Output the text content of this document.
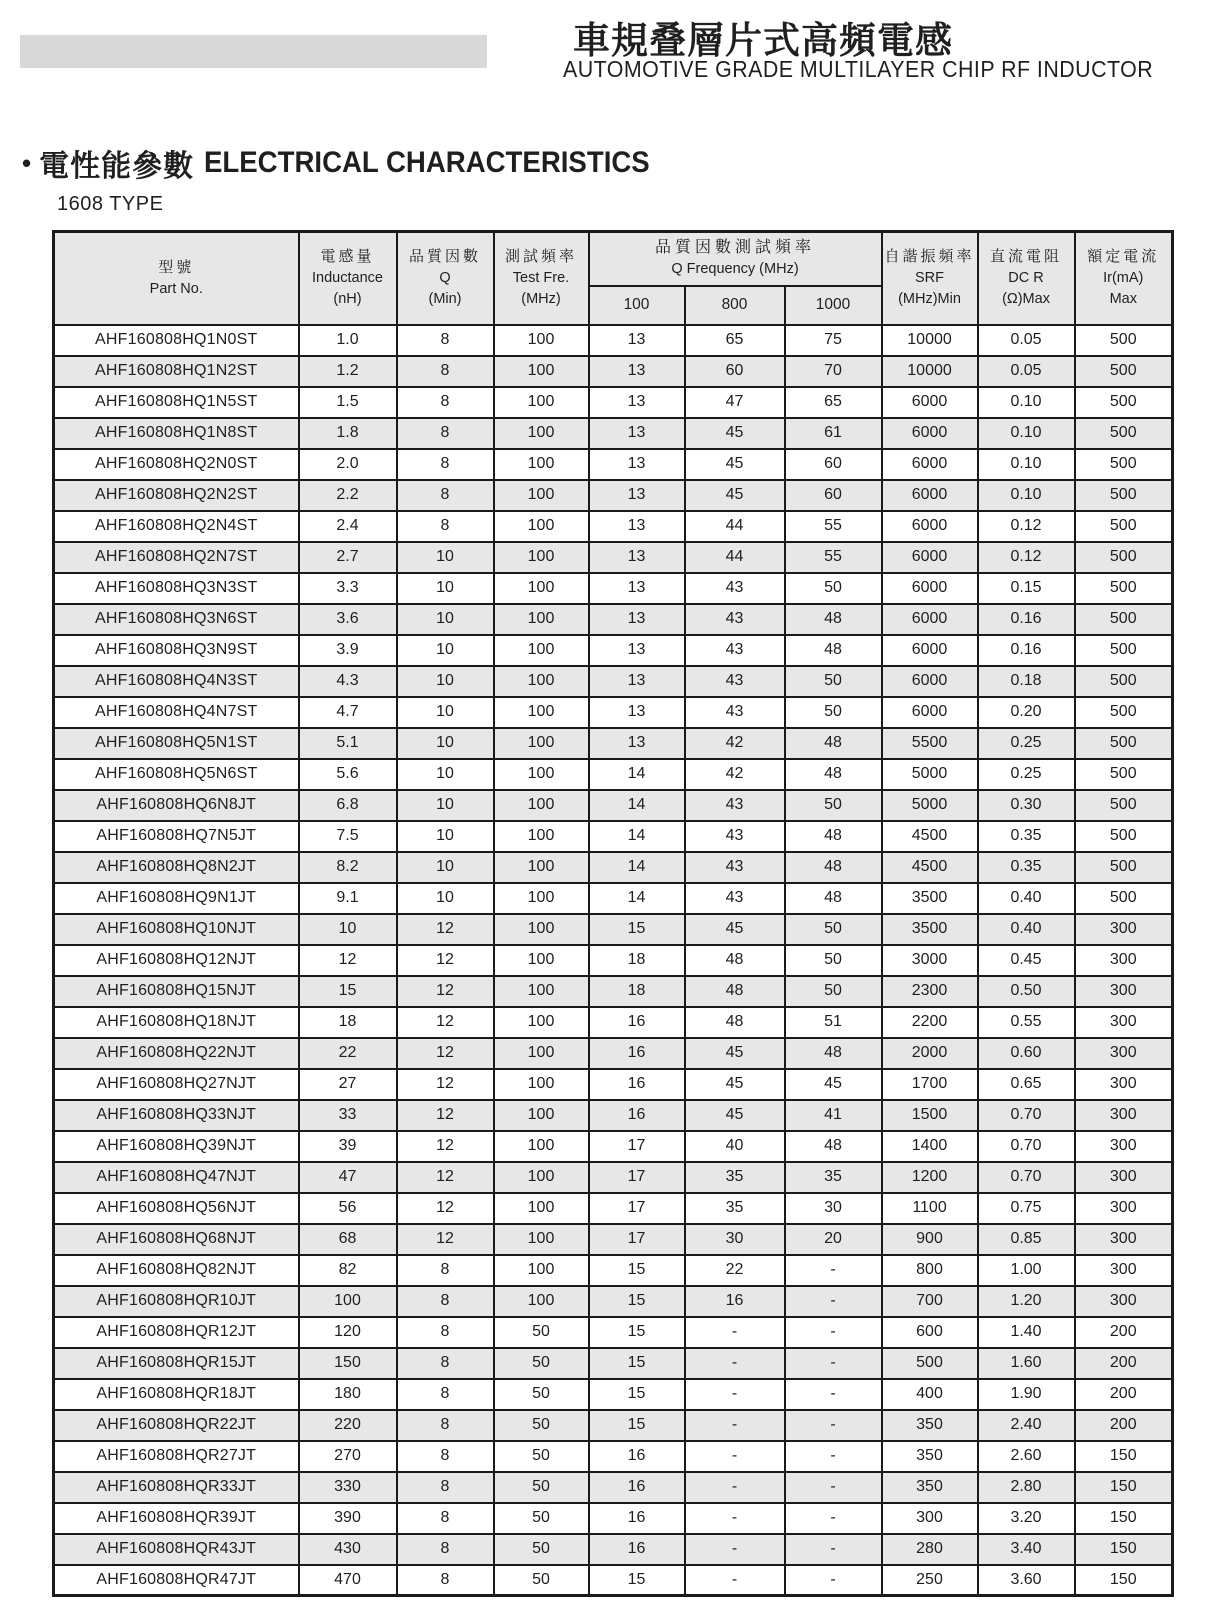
車規叠層片式高頻電感
AUTOMOTIVE GRADE MULTILAYER CHIP RF INDUCTOR
• 電性能參數 ELECTRICAL CHARACTERISTICS
1608 TYPE
型號
Part No.

電感量
Inductance
(nH)

品質因數
Q
(Min)

測試頻率
Test Fre.
(MHz)

品質因數測試頻率
Q Frequency (MHz)

自諧振頻率
SRF
(MHz)Min

直流電阻
DC R
(Ω)Max

額定電流
Ir(mA)
Max

				100	800	1000			
AHF160808HQ1N0ST	1.0	8	100	13	65	75	10000	0.05	500
AHF160808HQ1N2ST	1.2	8	100	13	60	70	10000	0.05	500
AHF160808HQ1N5ST	1.5	8	100	13	47	65	6000	0.10	500
AHF160808HQ1N8ST	1.8	8	100	13	45	61	6000	0.10	500
AHF160808HQ2N0ST	2.0	8	100	13	45	60	6000	0.10	500
AHF160808HQ2N2ST	2.2	8	100	13	45	60	6000	0.10	500
AHF160808HQ2N4ST	2.4	8	100	13	44	55	6000	0.12	500
AHF160808HQ2N7ST	2.7	10	100	13	44	55	6000	0.12	500
AHF160808HQ3N3ST	3.3	10	100	13	43	50	6000	0.15	500
AHF160808HQ3N6ST	3.6	10	100	13	43	48	6000	0.16	500
AHF160808HQ3N9ST	3.9	10	100	13	43	48	6000	0.16	500
AHF160808HQ4N3ST	4.3	10	100	13	43	50	6000	0.18	500
AHF160808HQ4N7ST	4.7	10	100	13	43	50	6000	0.20	500
AHF160808HQ5N1ST	5.1	10	100	13	42	48	5500	0.25	500
AHF160808HQ5N6ST	5.6	10	100	14	42	48	5000	0.25	500
AHF160808HQ6N8JT	6.8	10	100	14	43	50	5000	0.30	500
AHF160808HQ7N5JT	7.5	10	100	14	43	48	4500	0.35	500
AHF160808HQ8N2JT	8.2	10	100	14	43	48	4500	0.35	500
AHF160808HQ9N1JT	9.1	10	100	14	43	48	3500	0.40	500
AHF160808HQ10NJT	10	12	100	15	45	50	3500	0.40	300
AHF160808HQ12NJT	12	12	100	18	48	50	3000	0.45	300
AHF160808HQ15NJT	15	12	100	18	48	50	2300	0.50	300
AHF160808HQ18NJT	18	12	100	16	48	51	2200	0.55	300
AHF160808HQ22NJT	22	12	100	16	45	48	2000	0.60	300
AHF160808HQ27NJT	27	12	100	16	45	45	1700	0.65	300
AHF160808HQ33NJT	33	12	100	16	45	41	1500	0.70	300
AHF160808HQ39NJT	39	12	100	17	40	48	1400	0.70	300
AHF160808HQ47NJT	47	12	100	17	35	35	1200	0.70	300
AHF160808HQ56NJT	56	12	100	17	35	30	1100	0.75	300
AHF160808HQ68NJT	68	12	100	17	30	20	900	0.85	300
AHF160808HQ82NJT	82	8	100	15	22	-	800	1.00	300
AHF160808HQR10JT	100	8	100	15	16	-	700	1.20	300
AHF160808HQR12JT	120	8	50	15	-	-	600	1.40	200
AHF160808HQR15JT	150	8	50	15	-	-	500	1.60	200
AHF160808HQR18JT	180	8	50	15	-	-	400	1.90	200
AHF160808HQR22JT	220	8	50	15	-	-	350	2.40	200
AHF160808HQR27JT	270	8	50	16	-	-	350	2.60	150
AHF160808HQR33JT	330	8	50	16	-	-	350	2.80	150
AHF160808HQR39JT	390	8	50	16	-	-	300	3.20	150
AHF160808HQR43JT	430	8	50	16	-	-	280	3.40	150
AHF160808HQR47JT	470	8	50	15	-	-	250	3.60	150
